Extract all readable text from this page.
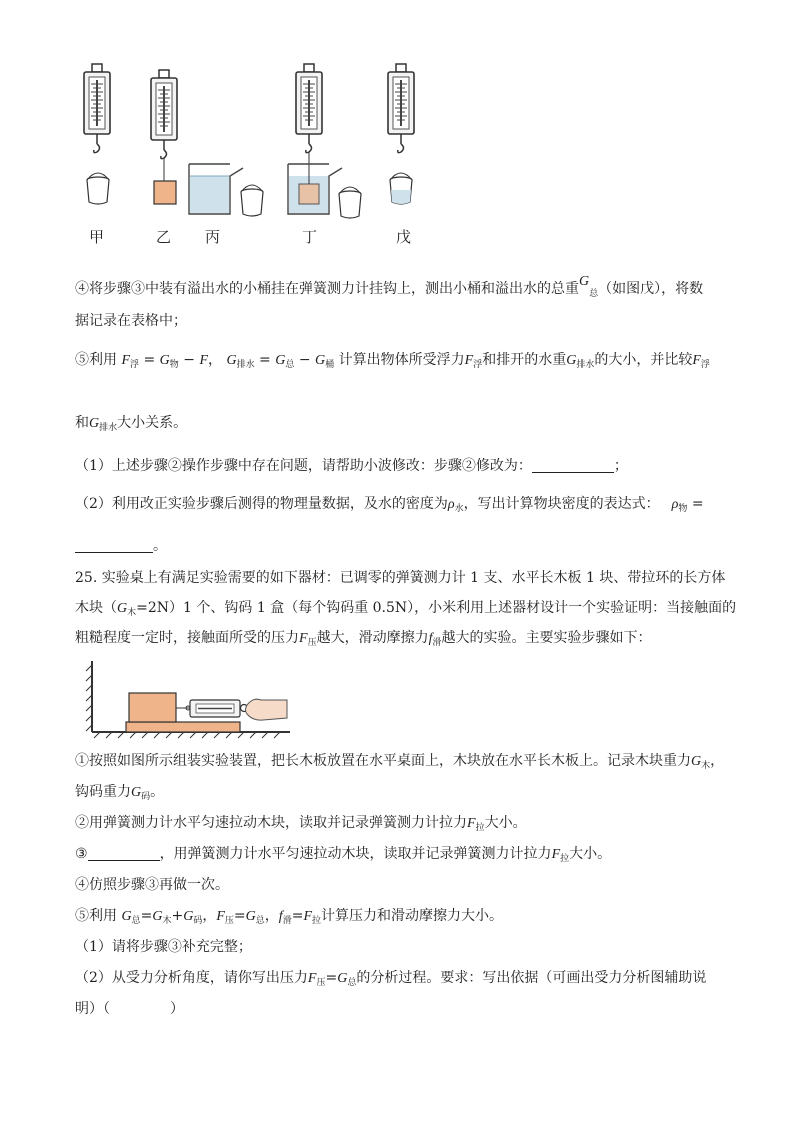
甲	乙 丙	丁	戊
④将步骤③中装有溢出水的小桶挂在弹簧测力计挂钩上，测出小桶和溢出水的总重$G_总$（如图戊），将数
据记录在表格中；
⑤利用 $F_浮 = G_物 - F$， $G_{排水} = G_总 - G_桶$ 计算出物体所受浮力$F_浮$和排开的水重$G_{排水}$的大小，并比较$F_浮$
和$G_{排水}$大小关系。
（1）上述步骤②操作步骤中存在问题，请帮助小波修改：步骤②修改为：	；
（2）利用改正实验步骤后测得的物理量数据，及水的密度为$\rho_水$，写出计算物块密度的表达式： $\rho_物$ =
。
25. 实验桌上有满足实验需要的如下器材：已调零的弹簧测力计 1 支、水平长木板 1 块、带拉环的长方体
木块$(G_木=2N)1$ 个、钩码 1 盒（每个钩码重 0.5N），小米利用上述器材设计一个实验证明：当接触面的
粗糙程度一定时，接触面所受的压力$F_压$越大，滑动摩擦力$f_滑$越大的实验。主要实验步骤如下：
①按照如图所示组装实验装置，把长木板放置在水平桌面上，木块放在水平长木板上。记录木块重力$G_木$，
钩码重力$G_码$。
②用弹簧测力计水平匀速拉动木块，读取并记录弹簧测力计拉力$F_拉$大小。
③	，用弹簧测力计水平匀速拉动木块，读取并记录弹簧测力计拉力$F_拉$大小。
④仿照步骤③再做一次。
⑤利用 $G_总=G_木+G_码$，$F_压=G_总$，$f_滑=F_拉$计算压力和滑动摩擦力大小。
（1）请将步骤③补充完整；
（2）从受力分析角度，请你写出压力$F_压=G_总$的分析过程。要求：写出依据（可画出受力分析图辅助说
明）（	）
